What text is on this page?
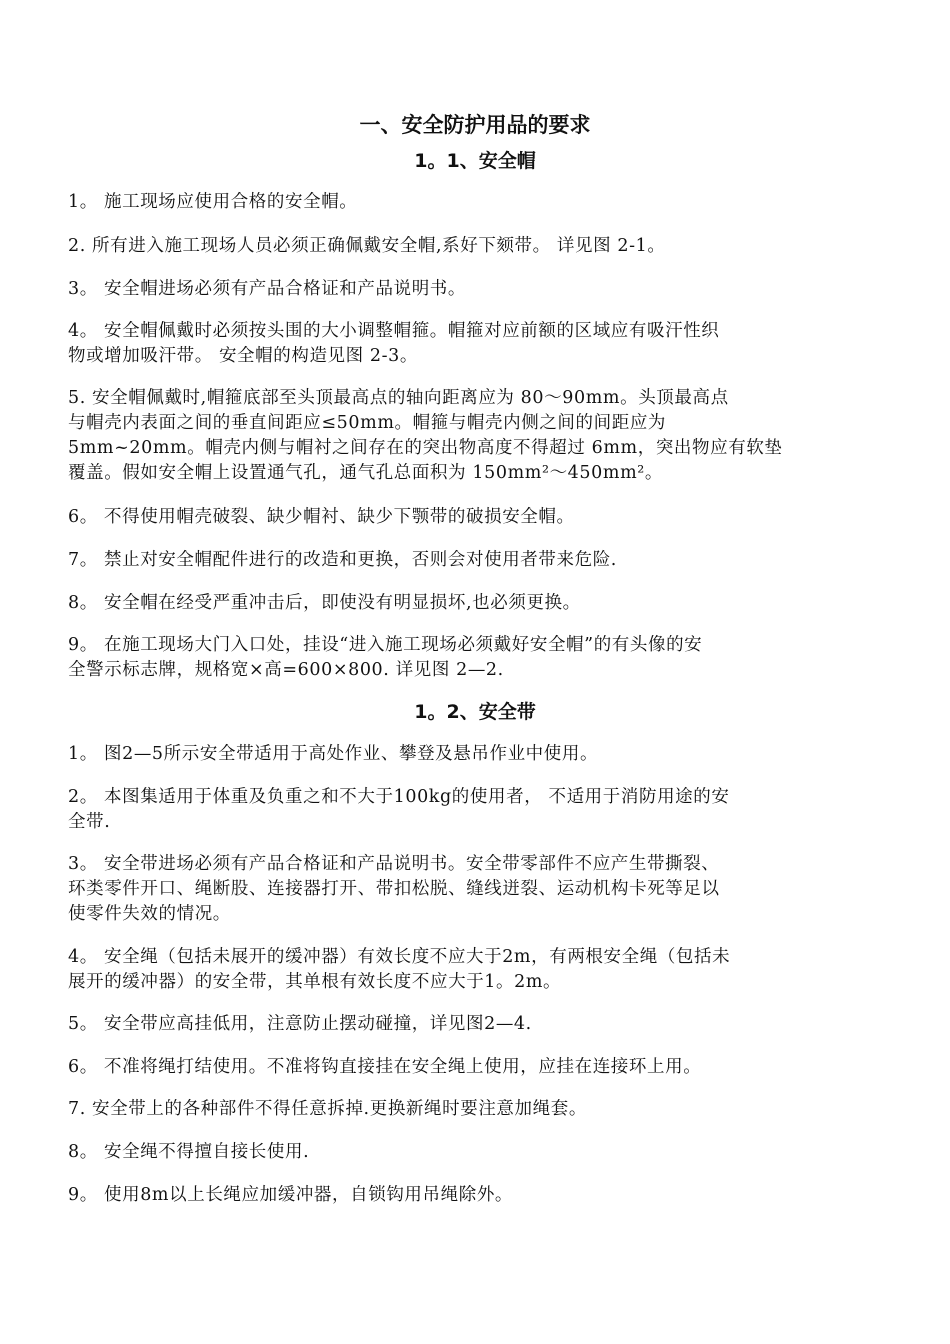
一、安全防护用品的要求
1。1、安全帽
1。 施工现场应使用合格的安全帽。
2. 所有进入施工现场人员必须正确佩戴安全帽,系好下颏带。 详见图 2-1。
3。 安全帽进场必须有产品合格证和产品说明书。
4。 安全帽佩戴时必须按头围的大小调整帽箍。帽箍对应前额的区域应有吸汗性织
物或增加吸汗带。 安全帽的构造见图 2-3。
5. 安全帽佩戴时,帽箍底部至头顶最高点的轴向距离应为 80～90mm。头顶最高点
与帽壳内表面之间的垂直间距应≤50mm。帽箍与帽壳内侧之间的间距应为
5mm~20mm。帽壳内侧与帽衬之间存在的突出物高度不得超过 6mm，突出物应有软垫
覆盖。假如安全帽上设置通气孔，通气孔总面积为 150mm²～450mm²。
6。 不得使用帽壳破裂、缺少帽衬、缺少下颚带的破损安全帽。
7。 禁止对安全帽配件进行的改造和更换，否则会对使用者带来危险.
8。 安全帽在经受严重冲击后，即使没有明显损坏,也必须更换。
9。 在施工现场大门入口处，挂设“进入施工现场必须戴好安全帽”的有头像的安
全警示标志牌，规格宽×高=600×800. 详见图 2—2.
1。2、安全带
1。 图2—5所示安全带适用于高处作业、攀登及悬吊作业中使用。
2。 本图集适用于体重及负重之和不大于100kg的使用者， 不适用于消防用途的安
全带.
3。 安全带进场必须有产品合格证和产品说明书。安全带零部件不应产生带撕裂、
环类零件开口、绳断股、连接器打开、带扣松脱、缝线迸裂、运动机构卡死等足以
使零件失效的情况。
4。 安全绳（包括未展开的缓冲器）有效长度不应大于2m，有两根安全绳（包括未
展开的缓冲器）的安全带，其单根有效长度不应大于1。2m。
5。 安全带应高挂低用，注意防止摆动碰撞，详见图2—4.
6。 不准将绳打结使用。不准将钩直接挂在安全绳上使用，应挂在连接环上用。
7. 安全带上的各种部件不得任意拆掉.更换新绳时要注意加绳套。
8。 安全绳不得擅自接长使用.
9。 使用8m以上长绳应加缓冲器，自锁钩用吊绳除外。
